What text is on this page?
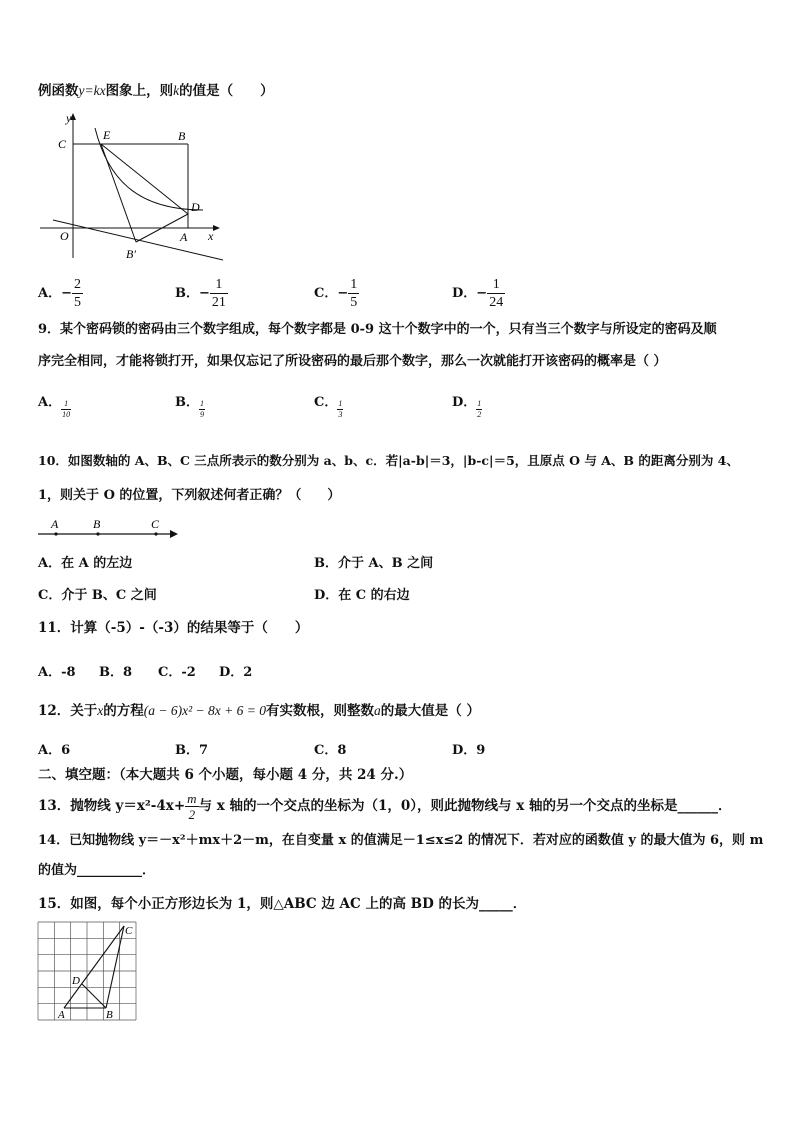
例函数y=kx图象上，则k的值是（　　）
y
x
O
C
E	B
D
A
B′
A．− $\frac{2}{5}$	B．− $\frac{1}{21}$	C．− $\frac{1}{5}$	D．− $\frac{1}{24}$
9．某个密码锁的密码由三个数字组成，每个数字都是 0-9 这十个数字中的一个，只有当三个数字与所设定的密码及顺
序完全相同，才能将锁打开，如果仅忘记了所设密码的最后那个数字，那么一次就能打开该密码的概率是（ ）
A． $\frac{1}{10}$	B． $\frac{1}{9}$	C． $\frac{1}{3}$	D． $\frac{1}{2}$
10．如图数轴的 A、B、C 三点所表示的数分别为 a、b、c．若|a-b|＝3，|b-c|＝5，且原点 O 与 A、B 的距离分别为 4、
1，则关于 O 的位置，下列叙述何者正确？（　　）
A	B	C
A．在 A 的左边	B．介于 A、B 之间
C．介于 B、C 之间	D．在 C 的右边
11．计算（-5）-（-3）的结果等于（　　）
A．-8 B．8 C．-2 D．2
12．关于x的方程(a − 6)x² − 8x + 6 = 0有实数根，则整数a的最大值是（ ）
A．6	B．7	C．8	D．9
二、填空题：（本大题共 6 个小题，每小题 4 分，共 24 分.）
13．抛物线 $y=x^2-4x+ \frac{m}{2}$ 与 x 轴的一个交点的坐标为（1，0），则此抛物线与 x 轴的另一个交点的坐标是______．
14．已知抛物线 y＝－x²＋mx＋2－m，在自变量 x 的值满足－1≤x≤2 的情况下．若对应的函数值 y 的最大值为 6，则 m
的值为__________．
15．如图，每个小正方形边长为 1，则△ABC 边 AC 上的高 BD 的长为_____．
A	B
C
D
